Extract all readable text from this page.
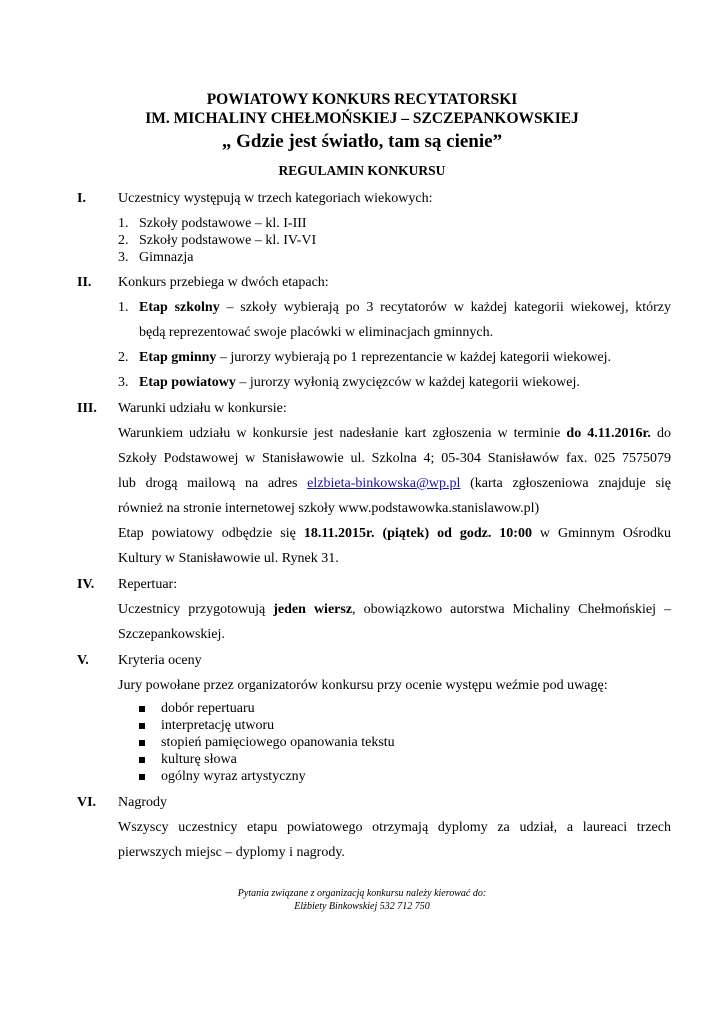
POWIATOWY KONKURS RECYTATORSKI
IM. MICHALINY CHEŁMOŃSKIEJ – SZCZEPANKOWSKIEJ
„ Gdzie jest światło, tam są cienie”
REGULAMIN KONKURSU
I. Uczestnicy występują w trzech kategoriach wiekowych:
1. Szkoły podstawowe – kl. I-III
2. Szkoły podstawowe – kl. IV-VI
3. Gimnazja
II. Konkurs przebiega w dwóch etapach:
1. Etap szkolny – szkoły wybierają po 3 recytatorów w każdej kategorii wiekowej, którzy
będą reprezentować swoje placówki w eliminacjach gminnych.
2. Etap gminny – jurorzy wybierają po 1 reprezentancie w każdej kategorii wiekowej.
3. Etap powiatowy – jurorzy wyłonią zwycięzców w każdej kategorii wiekowej.
III. Warunki udziału w konkursie:
Warunkiem udziału w konkursie jest nadesłanie kart zgłoszenia w terminie do 4.11.2016r. do
Szkoły Podstawowej w Stanisławowie ul. Szkolna 4; 05-304 Stanisławów fax. 025 7575079
lub drogą mailową na adres elzbieta-binkowska@wp.pl (karta zgłoszeniowa znajduje się
również na stronie internetowej szkoły www.podstawowka.stanislawow.pl)
Etap powiatowy odbędzie się 18.11.2015r. (piątek) od godz. 10:00 w Gminnym Ośrodku
Kultury w Stanisławowie ul. Rynek 31.
IV. Repertuar:
Uczestnicy przygotowują jeden wiersz, obowiązkowo autorstwa Michaliny Chełmońskiej –
Szczepankowskiej.
V. Kryteria oceny
Jury powołane przez organizatorów konkursu przy ocenie występu weźmie pod uwagę:
dobór repertuaru
interpretację utworu
stopień pamięciowego opanowania tekstu
kulturę słowa
ogólny wyraz artystyczny
VI. Nagrody
Wszyscy uczestnicy etapu powiatowego otrzymają dyplomy za udział, a laureaci trzech
pierwszych miejsc – dyplomy i nagrody.
Pytania związane z organizacją konkursu należy kierować do:
Elżbiety Binkowskiej 532 712 750
